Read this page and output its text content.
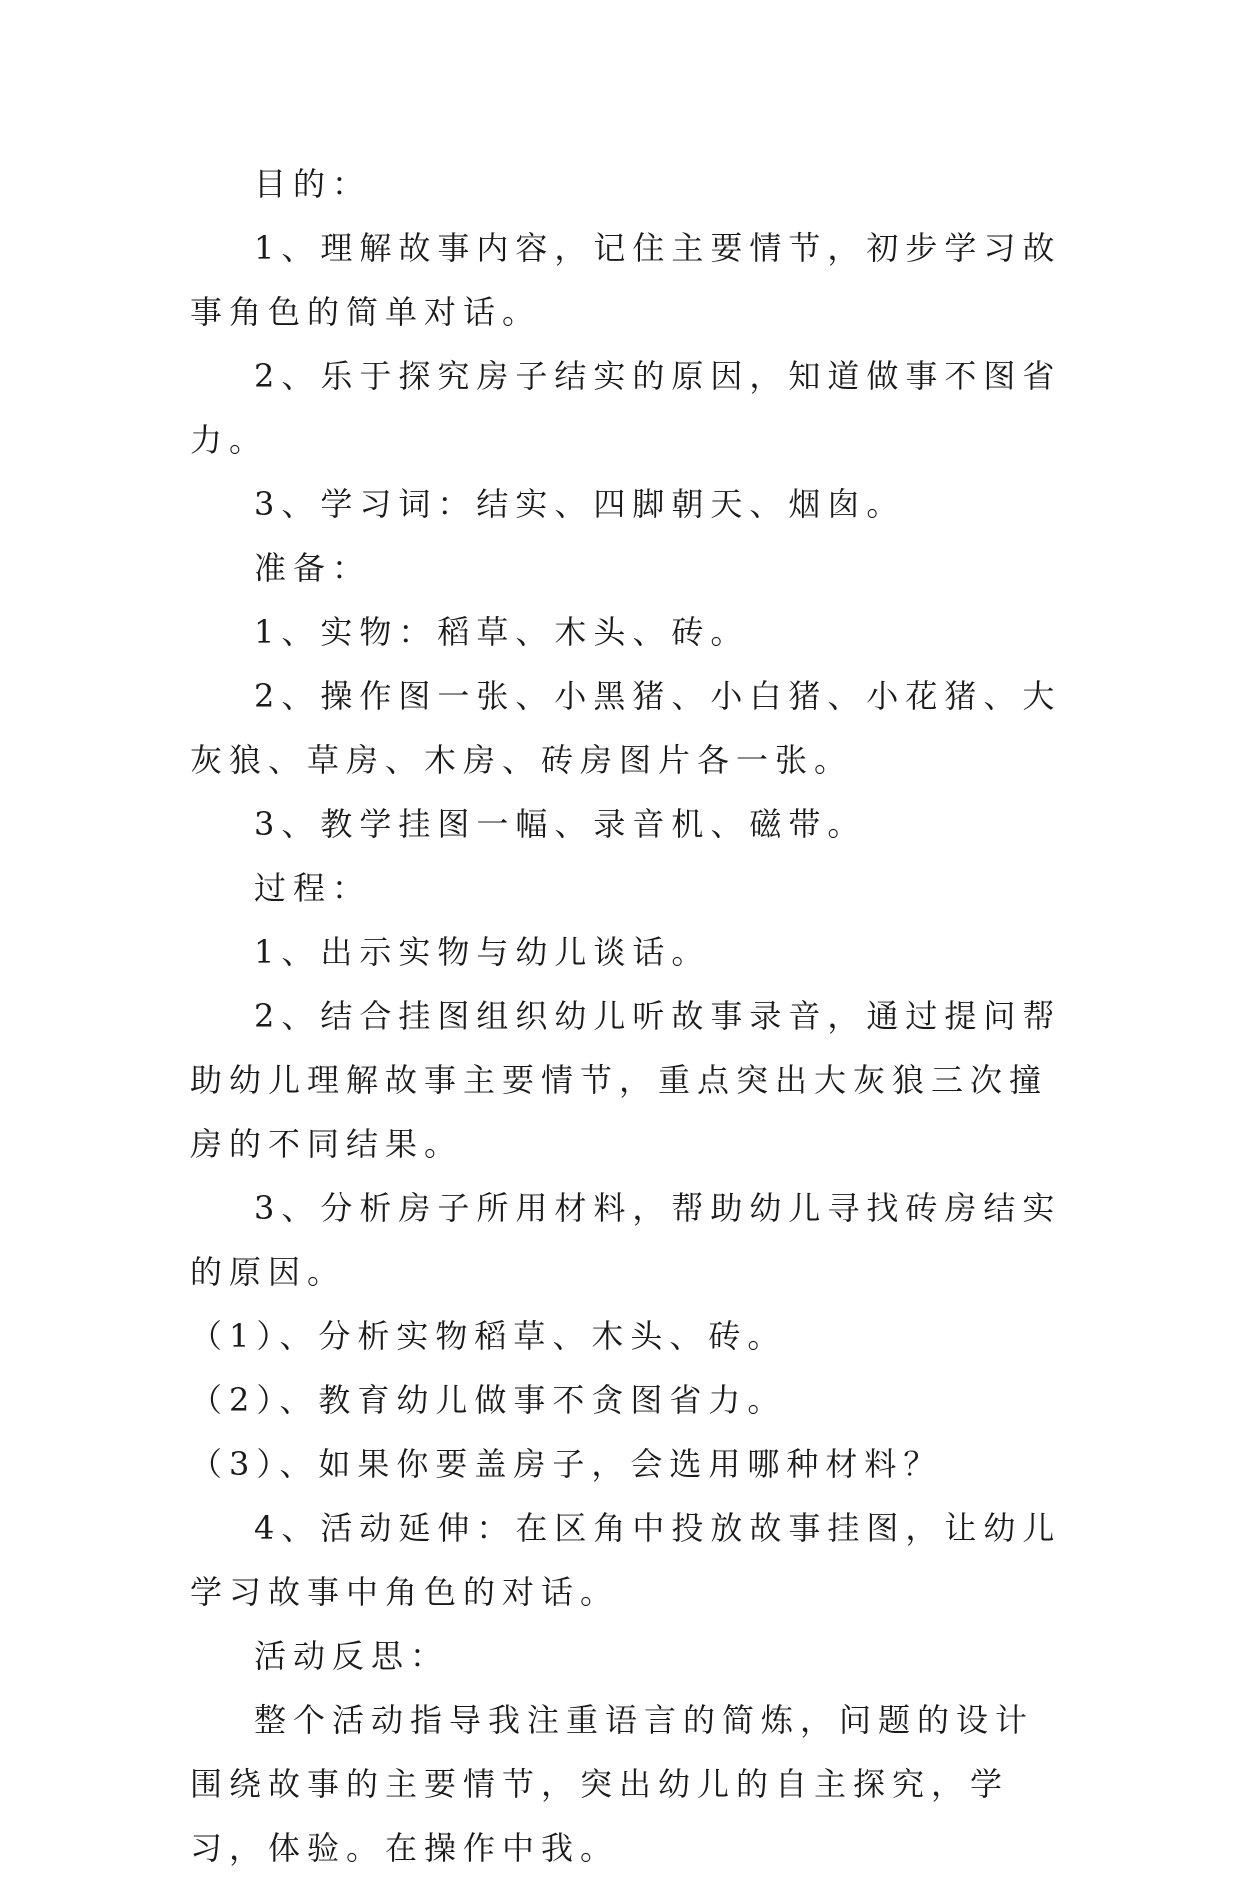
目的：

1、理解故事内容，记住主要情节，初步学习故事角色的简单对话。

2、乐于探究房子结实的原因，知道做事不图省力。

3、学习词：结实、四脚朝天、烟囱。

准备：

1、实物：稻草、木头、砖。

2、操作图一张、小黑猪、小白猪、小花猪、大灰狼、草房、木房、砖房图片各一张。

3、教学挂图一幅、录音机、磁带。

过程：

1、出示实物与幼儿谈话。

2、结合挂图组织幼儿听故事录音，通过提问帮助幼儿理解故事主要情节，重点突出大灰狼三次撞房的不同结果。

3、分析房子所用材料，帮助幼儿寻找砖房结实的原因。

（1）、分析实物稻草、木头、砖。

（2）、教育幼儿做事不贪图省力。

（3）、如果你要盖房子，会选用哪种材料？

4、活动延伸：在区角中投放故事挂图，让幼儿学习故事中角色的对话。

活动反思：

整个活动指导我注重语言的简炼，问题的设计围绕故事的主要情节，突出幼儿的自主探究，学习，体验。在操作中我。
